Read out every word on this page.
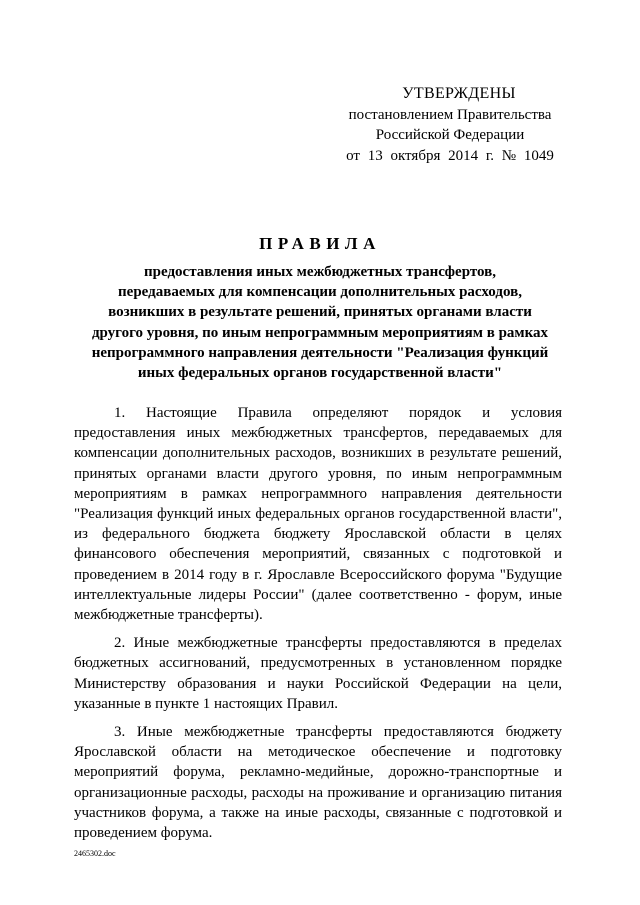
УТВЕРЖДЕНЫ
постановлением Правительства
Российской Федерации
от 13 октября 2014 г. № 1049
ПРАВИЛА
предоставления иных межбюджетных трансфертов,
передаваемых для компенсации дополнительных расходов,
возникших в результате решений, принятых органами власти
другого уровня, по иным непрограммным мероприятиям в рамках
непрограммного направления деятельности "Реализация функций
иных федеральных органов государственной власти"

1. Настоящие Правила определяют порядок и условия предоставления иных межбюджетных трансфертов, передаваемых для компенсации дополнительных расходов, возникших в результате решений, принятых органами власти другого уровня, по иным непрограммным мероприятиям в рамках непрограммного направления деятельности "Реализация функций иных федеральных органов государственной власти", из федерального бюджета бюджету Ярославской области в целях финансового обеспечения мероприятий, связанных с подготовкой и проведением в 2014 году в г. Ярославле Всероссийского форума "Будущие интеллектуальные лидеры России" (далее соответственно - форум, иные межбюджетные трансферты).

2. Иные межбюджетные трансферты предоставляются в пределах бюджетных ассигнований, предусмотренных в установленном порядке Министерству образования и науки Российской Федерации на цели, указанные в пункте 1 настоящих Правил.

3. Иные межбюджетные трансферты предоставляются бюджету Ярославской области на методическое обеспечение и подготовку мероприятий форума, рекламно-медийные, дорожно-транспортные и организационные расходы, расходы на проживание и организацию питания участников форума, а также на иные расходы, связанные с подготовкой и проведением форума.

2465302.doc
